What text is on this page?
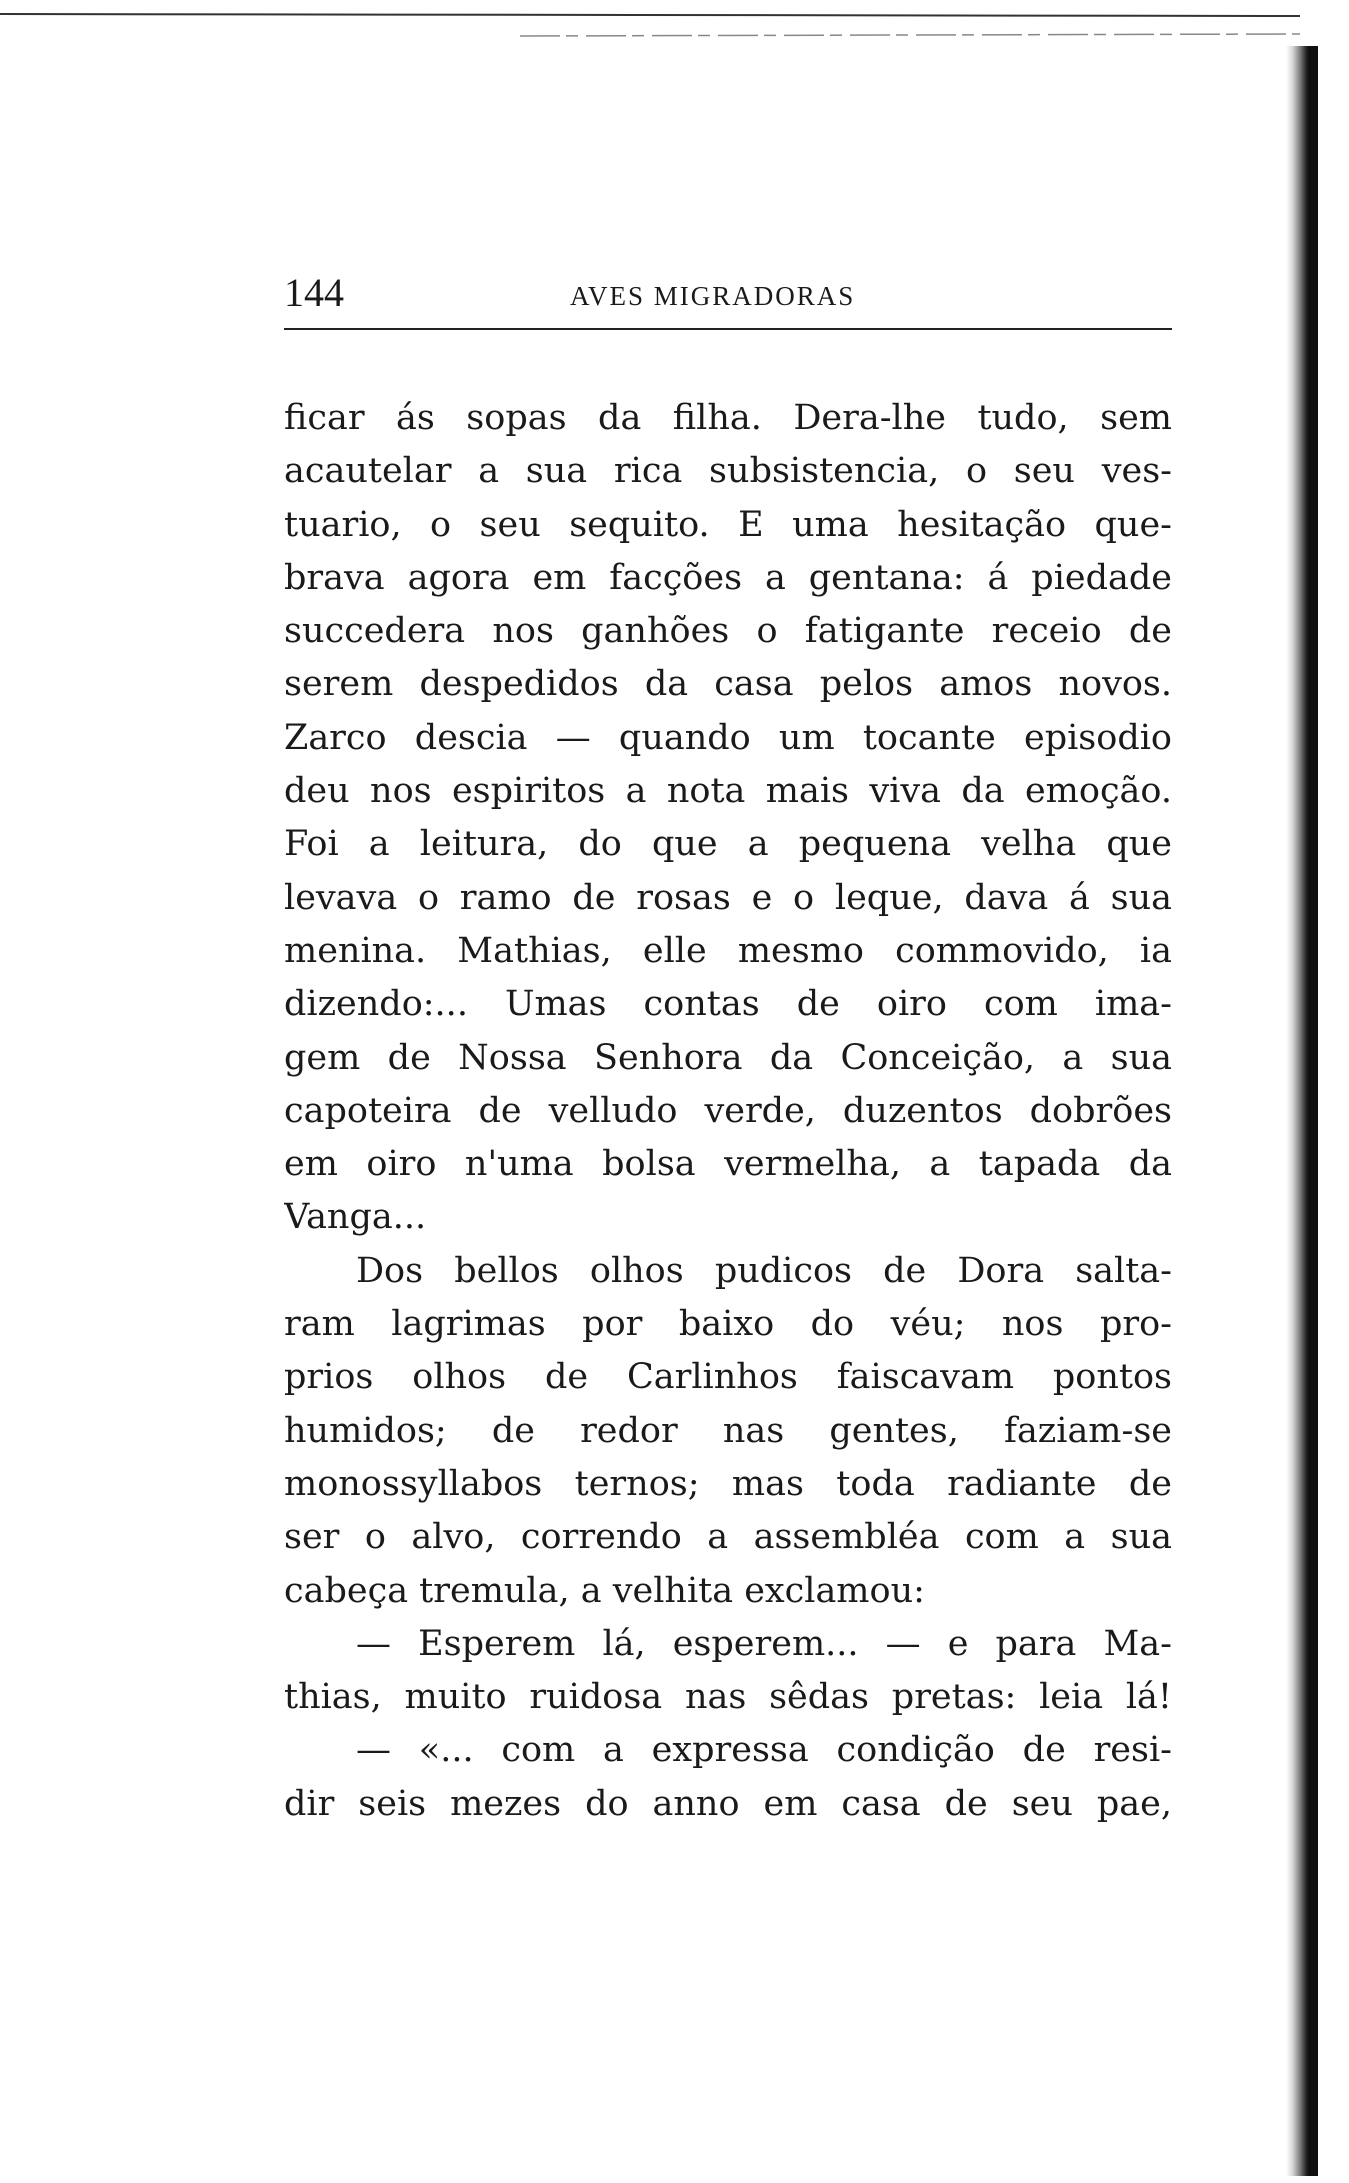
144	AVES MIGRADORAS
ficar ás sopas da filha. Dera-lhe tudo, sem
acautelar a sua rica subsistencia, o seu ves-
tuario, o seu sequito. E uma hesitação que-
brava agora em facções a gentana: á piedade
succedera nos ganhões o fatigante receio de
serem despedidos da casa pelos amos novos.
Zarco descia — quando um tocante episodio
deu nos espiritos a nota mais viva da emoção.
Foi a leitura, do que a pequena velha que
levava o ramo de rosas e o leque, dava á sua
menina. Mathias, elle mesmo commovido, ia
dizendo:... Umas contas de oiro com ima-
gem de Nossa Senhora da Conceição, a sua
capoteira de velludo verde, duzentos dobrões
em oiro n'uma bolsa vermelha, a tapada da
Vanga...
Dos bellos olhos pudicos de Dora salta-
ram lagrimas por baixo do véu; nos pro-
prios olhos de Carlinhos faiscavam pontos
humidos; de redor nas gentes, faziam-se
monossyllabos ternos; mas toda radiante de
ser o alvo, correndo a assembléa com a sua
cabeça tremula, a velhita exclamou:
— Esperem lá, esperem... — e para Ma-
thias, muito ruidosa nas sêdas pretas: leia lá!
— «... com a expressa condição de resi-
dir seis mezes do anno em casa de seu pae,
